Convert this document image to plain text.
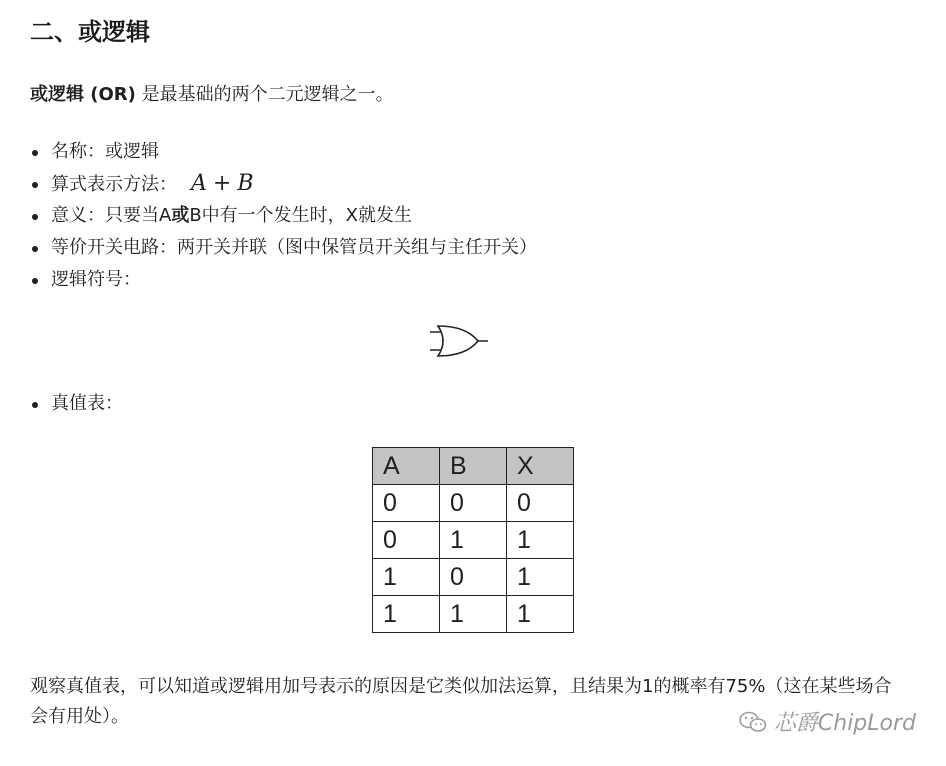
二、或逻辑
或逻辑 (OR) 是最基础的两个二元逻辑之一。
名称：或逻辑
算式表示方法： A + B
意义：只要当A或B中有一个发生时，X就发生
等价开关电路：两开关并联（图中保管员开关组与主任开关）
逻辑符号：
真值表：
A	B	X
0	0	0
0	1	1
1	0	1
1	1	1
观察真值表，可以知道或逻辑用加号表示的原因是它类似加法运算，且结果为1的概率有75%（这在某些场合会有用处）。	芯爵ChipLord
